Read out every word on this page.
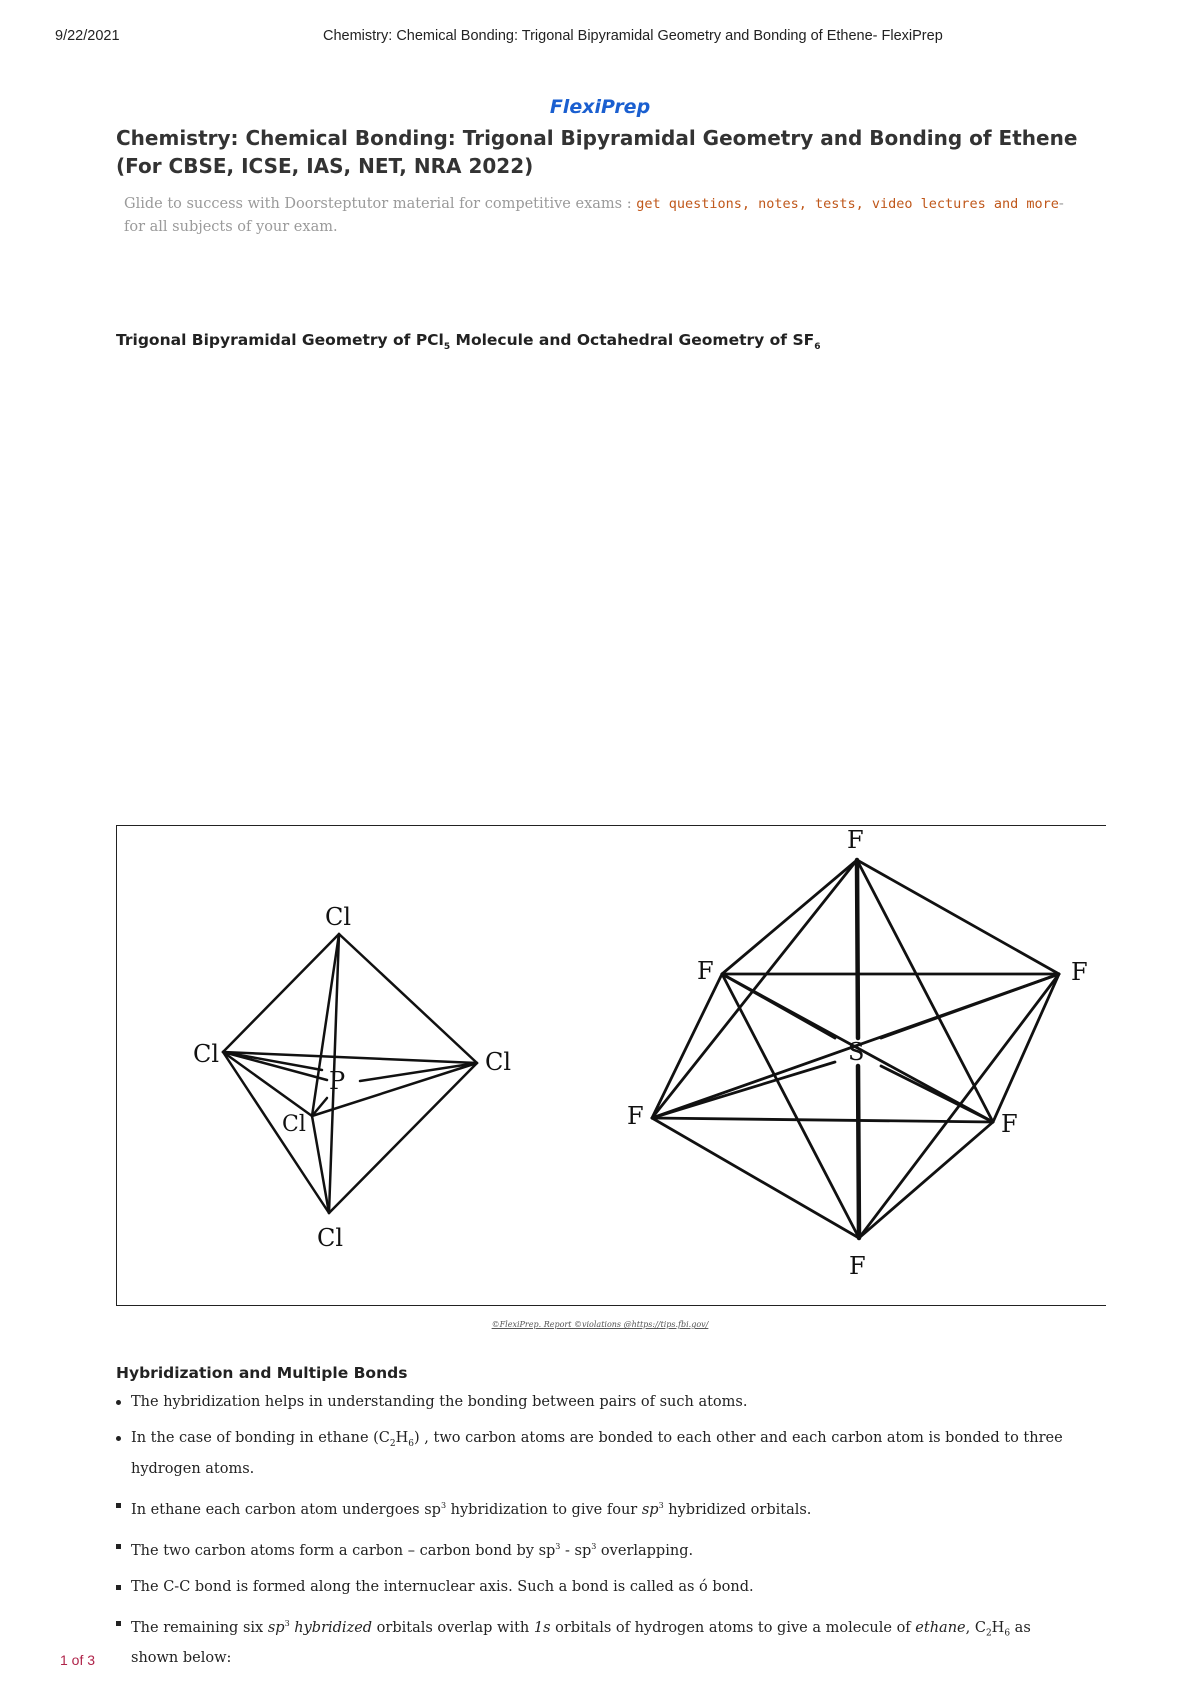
9/22/2021	Chemistry: Chemical Bonding: Trigonal Bipyramidal Geometry and Bonding of Ethene- FlexiPrep
FlexiPrep
Chemistry: Chemical Bonding: Trigonal Bipyramidal Geometry and Bonding of Ethene (For CBSE, ICSE, IAS, NET, NRA 2022)

Glide to success with Doorsteptutor material for competitive exams : get questions, notes, tests, video lectures and more- for all subjects of your exam.

Trigonal Bipyramidal Geometry of PCl$_5$ Molecule and Octahedral Geometry of $SF_6$
Cl
Cl	Cl
Cl
Cl
P
F
F	F
F	F
F
S
©FlexiPrep. Report ©violations @https://tips.fbi.gov/
Hybridization and Multiple Bonds
The hybridization helps in understanding the bonding between pairs of such atoms.
In the case of bonding in ethane $(C_2H_6)$ , two carbon atoms are bonded to each other and each carbon atom is bonded to three hydrogen atoms.
In ethane each carbon atom undergoes $sp^3$ hybridization to give four $sp^3$ hybridized orbitals.
The two carbon atoms form a carbon – carbon bond by $sp^3 - sp^3$ overlapping.
The C-C bond is formed along the internuclear axis. Such a bond is called as ó bond.
The remaining six $sp^3$ hybridized orbitals overlap with 1s orbitals of hydrogen atoms to give a molecule of ethane, $C_2H_6$ as shown below:
1 of 3
